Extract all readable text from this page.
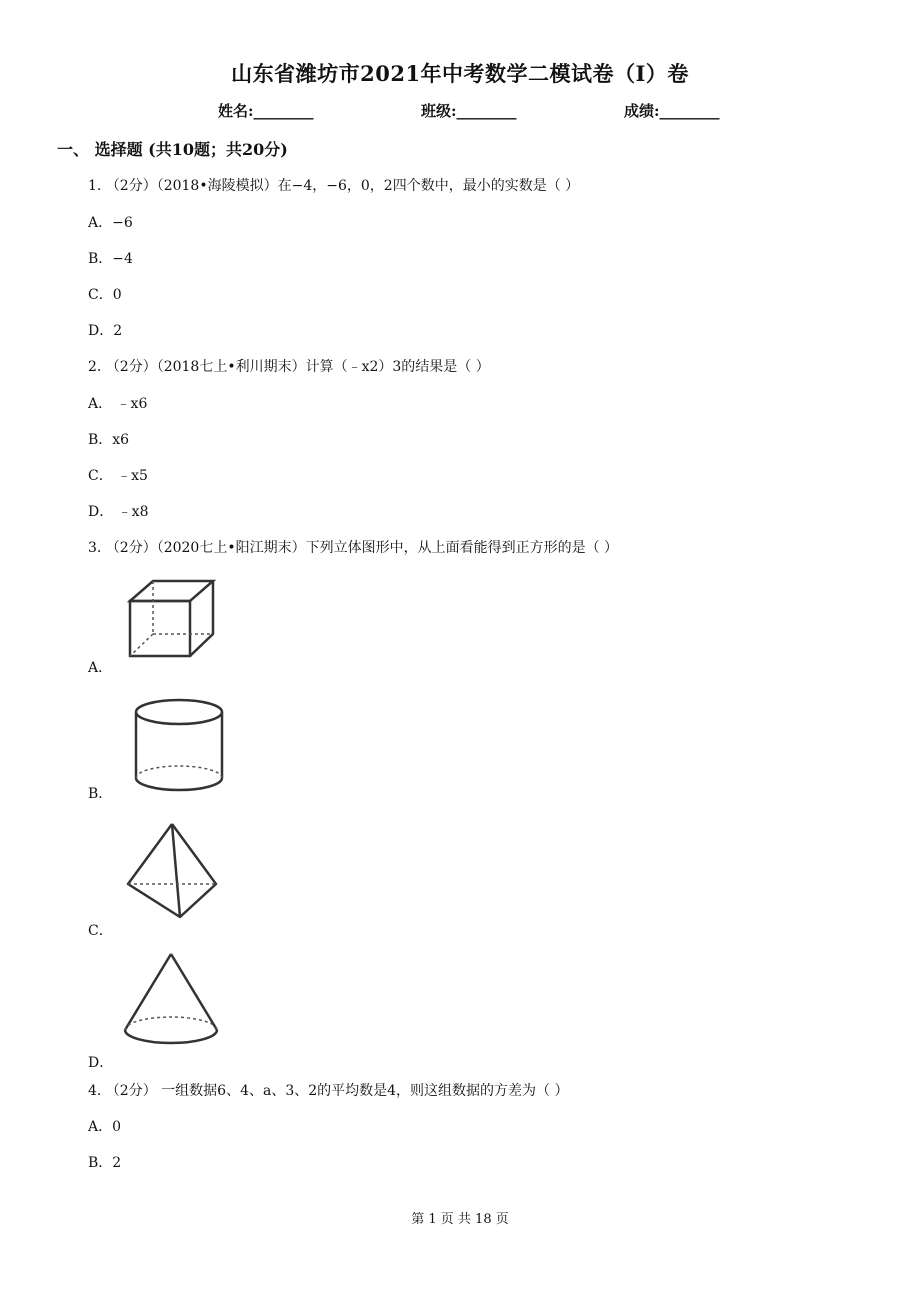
山东省潍坊市2021年中考数学二模试卷（I）卷
姓名:________	班级:________	成绩:________
一、 选择题 (共10题；共20分)
1. （2分）（2018•海陵模拟）在−4，−6，0，2四个数中，最小的实数是（ ）
A．−6
B．−4
C．0
D．2
2. （2分）（2018七上•利川期末）计算（﹣x2）3的结果是（ ）
A． ﹣x6
B．x6
C． ﹣x5
D． ﹣x8
3. （2分）（2020七上•阳江期末）下列立体图形中，从上面看能得到正方形的是（ ）
A．
B．
C．
D．
4. （2分） 一组数据6、4、a、3、2的平均数是4，则这组数据的方差为（ ）
A．0
B．2
第 1 页 共 18 页
